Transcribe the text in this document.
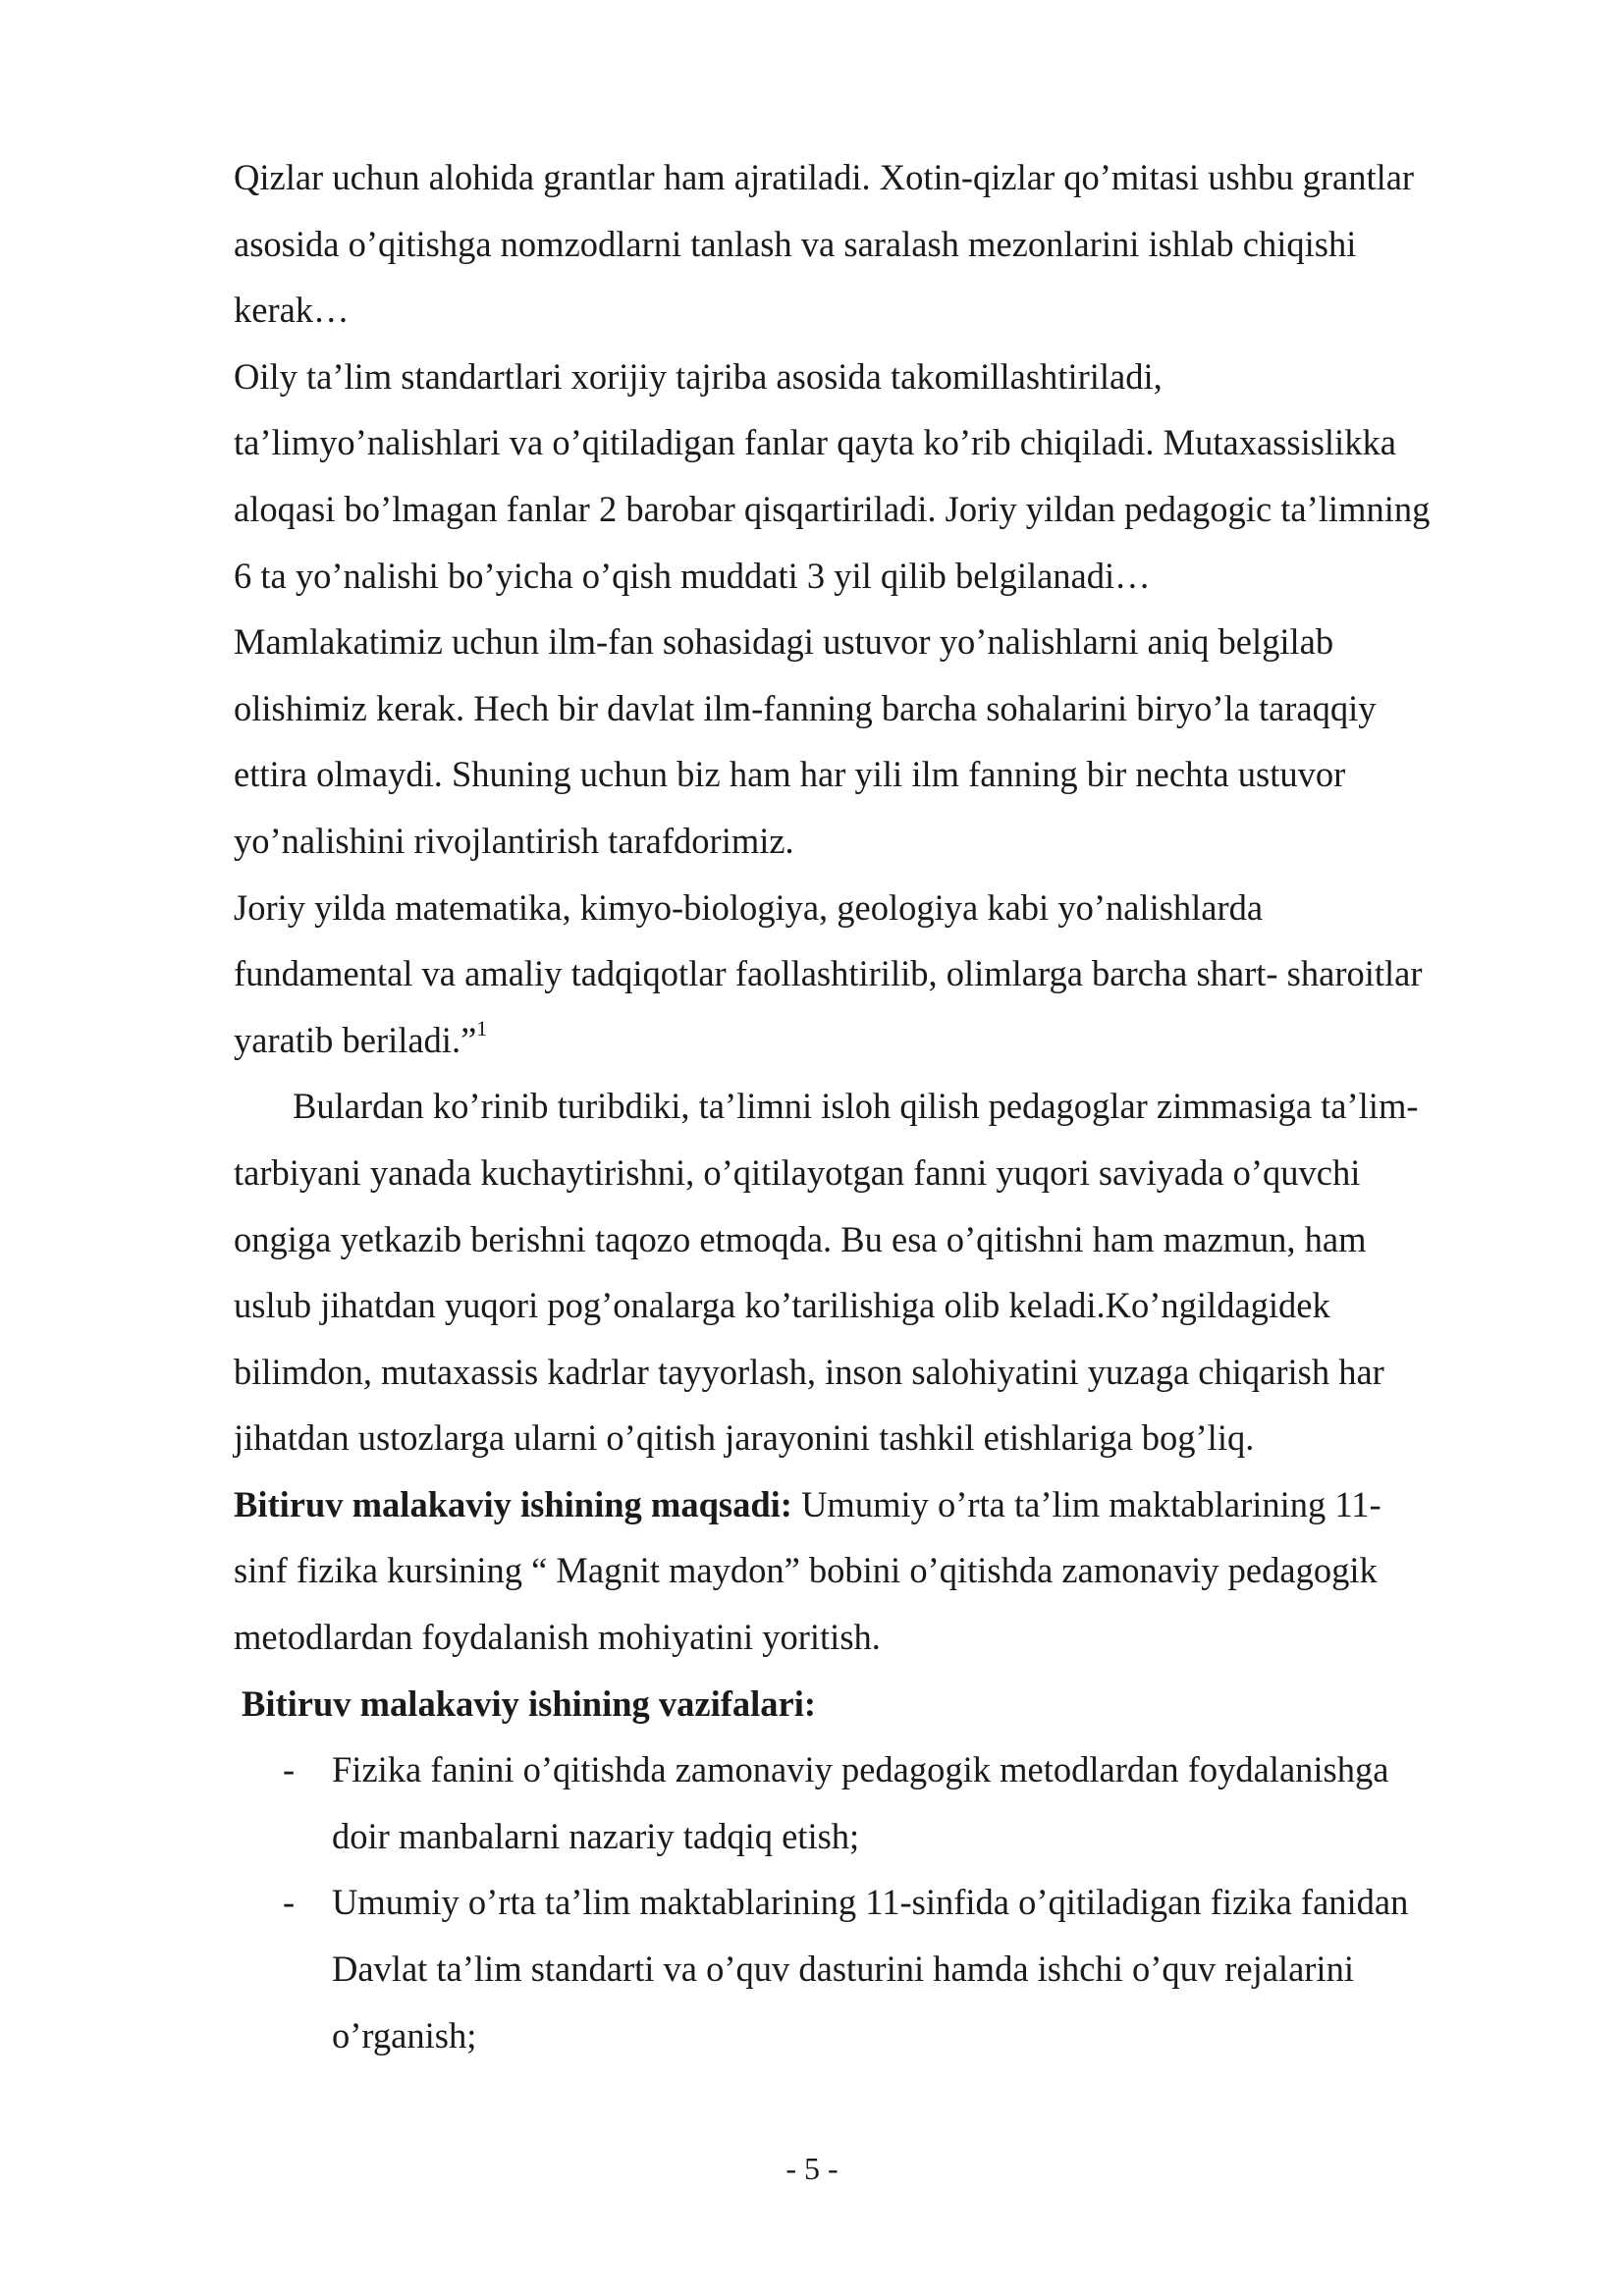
Qizlar uchun alohida grantlar ham ajratiladi. Xotin-qizlar qo’mitasi ushbu grantlar
asosida o’qitishga nomzodlarni tanlash va saralash mezonlarini ishlab chiqishi
kerak…
Oily ta’lim standartlari xorijiy tajriba asosida takomillashtiriladi,
ta’limyo’nalishlari va o’qitiladigan fanlar qayta ko’rib chiqiladi. Mutaxassislikka
aloqasi bo’lmagan fanlar 2 barobar qisqartiriladi. Joriy yildan pedagogic ta’limning
6 ta yo’nalishi bo’yicha o’qish muddati 3 yil qilib belgilanadi…
Mamlakatimiz uchun ilm-fan sohasidagi ustuvor yo’nalishlarni aniq belgilab
olishimiz kerak. Hech bir davlat ilm-fanning barcha sohalarini biryo’la taraqqiy
ettira olmaydi. Shuning uchun biz ham har yili ilm fanning bir nechta ustuvor
yo’nalishini rivojlantirish tarafdorimiz.
Joriy yilda matematika, kimyo-biologiya, geologiya kabi yo’nalishlarda
fundamental va amaliy tadqiqotlar faollashtirilib, olimlarga barcha shart- sharoitlar
yaratib beriladi.”$^1$
Bulardan ko’rinib turibdiki, ta’limni isloh qilish pedagoglar zimmasiga ta’lim-
tarbiyani yanada kuchaytirishni, o’qitilayotgan fanni yuqori saviyada o’quvchi
ongiga yetkazib berishni taqozo etmoqda. Bu esa o’qitishni ham mazmun, ham
uslub jihatdan yuqori pog’onalarga ko’tarilishiga olib keladi.Ko’ngildagidek
bilimdon, mutaxassis kadrlar tayyorlash, inson salohiyatini yuzaga chiqarish har
jihatdan ustozlarga ularni o’qitish jarayonini tashkil etishlariga bog’liq.
Bitiruv malakaviy ishining maqsadi: Umumiy o’rta ta’lim maktablarining 11-
sinf fizika kursining “ Magnit maydon” bobini o’qitishda zamonaviy pedagogik
metodlardan foydalanish mohiyatini yoritish.
Bitiruv malakaviy ishining vazifalari:
- Fizika fanini o’qitishda zamonaviy pedagogik metodlardan foydalanishga
doir manbalarni nazariy tadqiq etish;
- Umumiy o’rta ta’lim maktablarining 11-sinfida o’qitiladigan fizika fanidan
Davlat ta’lim standarti va o’quv dasturini hamda ishchi o’quv rejalarini
o’rganish;
- 5 -
